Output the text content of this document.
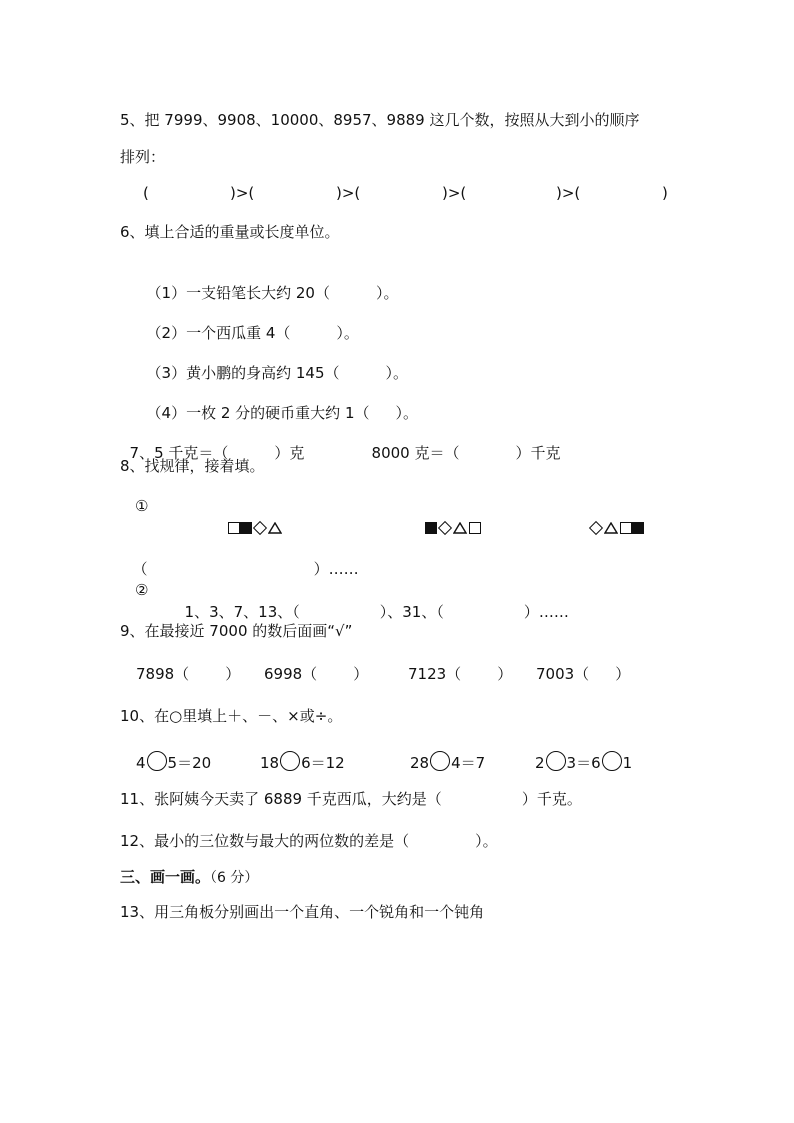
5、把 7999、9908、10000、8957、9889 这几个数，按照从大到小的顺序
排列：
(	)>(	)>(	)>(	)>(	)
6、填上合适的重量或长度单位。

（1）一支铅笔长大约 20（	）。

（2）一个西瓜重 4（	）。

（3）黄小鹏的身高约 145（	）。

（4）一枚 2 分的硬币重大约 1（ ）。

7、5 千克＝（	）克	8000 克＝（	）千克

8、找规律，接着填。
①

（	）……

②

1、3、7、13、（	）、31、（	）……

9、在最接近 7000 的数后面画“√”
7898（ ） 6998（ ）	7123（ ） 7003（ ）
10、在○里填上＋、－、×或÷。
4 5＝20	18 6＝12	28 4＝7	2 3＝6 1
11、张阿姨今天卖了 6889 千克西瓜，大约是（	）千克。
12、最小的三位数与最大的两位数的差是（	）。
三、画一画。（6 分）
13、用三角板分别画出一个直角、一个锐角和一个钝角
